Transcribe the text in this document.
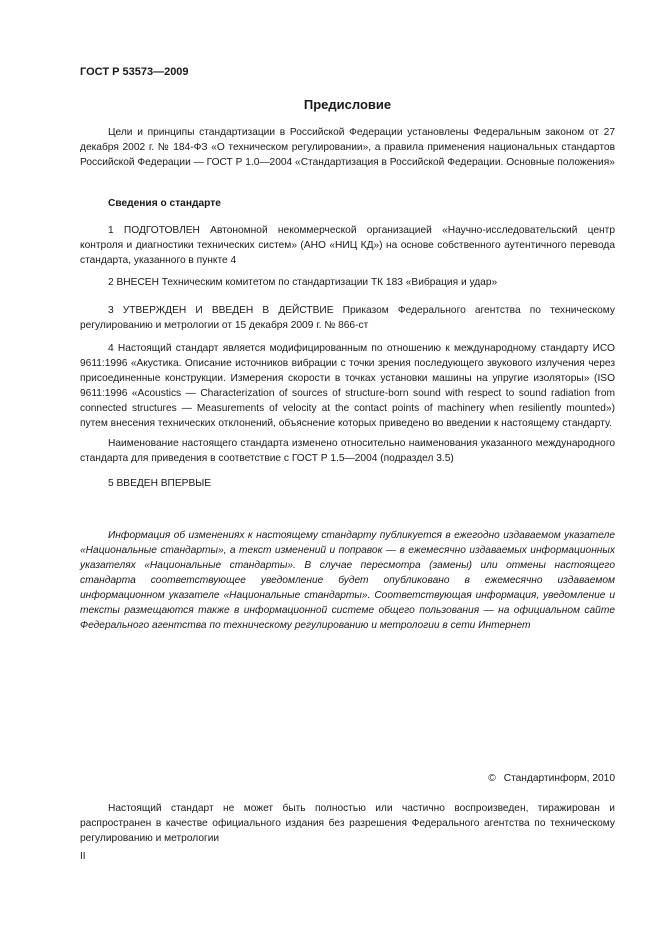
ГОСТ Р 53573—2009
Предисловие

Цели и принципы стандартизации в Российской Федерации установлены Федеральным законом от 27 декабря 2002 г. № 184-ФЗ «О техническом регулировании», а правила применения национальных стандартов Российской Федерации — ГОСТ Р 1.0—2004 «Стандартизация в Российской Федерации. Основные положения»

Сведения о стандарте

1 ПОДГОТОВЛЕН Автономной некоммерческой организацией «Научно-исследовательский центр контроля и диагностики технических систем» (АНО «НИЦ КД») на основе собственного аутентичного перевода стандарта, указанного в пункте 4

2 ВНЕСЕН Техническим комитетом по стандартизации ТК 183 «Вибрация и удар»

3 УТВЕРЖДЕН И ВВЕДЕН В ДЕЙСТВИЕ Приказом Федерального агентства по техническому регулированию и метрологии от 15 декабря 2009 г. № 866-ст

4 Настоящий стандарт является модифицированным по отношению к международному стандарту ИСО 9611:1996 «Акустика. Описание источников вибрации с точки зрения последующего звукового излучения через присоединенные конструкции. Измерения скорости в точках установки машины на упругие изоляторы» (ISO 9611:1996 «Acoustics — Characterization of sources of structure-born sound with respect to sound radiation from connected structures — Measurements of velocity at the contact points of machinery when resiliently mounted») путем внесения технических отклонений, объяснение которых приведено во введении к настоящему стандарту.

Наименование настоящего стандарта изменено относительно наименования указанного международного стандарта для приведения в соответствие с ГОСТ Р 1.5—2004 (подраздел 3.5)

5 ВВЕДЕН ВПЕРВЫЕ

Информация об изменениях к настоящему стандарту публикуется в ежегодно издаваемом указателе «Национальные стандарты», а текст изменений и поправок — в ежемесячно издаваемых информационных указателях «Национальные стандарты». В случае пересмотра (замены) или отмены настоящего стандарта соответствующее уведомление будет опубликовано в ежемесячно издаваемом информационном указателе «Национальные стандарты». Соответствующая информация, уведомление и тексты размещаются также в информационной системе общего пользования — на официальном сайте Федерального агентства по техническому регулированию и метрологии в сети Интернет

© Стандартинформ, 2010

Настоящий стандарт не может быть полностью или частично воспроизведен, тиражирован и распространен в качестве официального издания без разрешения Федерального агентства по техническому регулированию и метрологии

II
